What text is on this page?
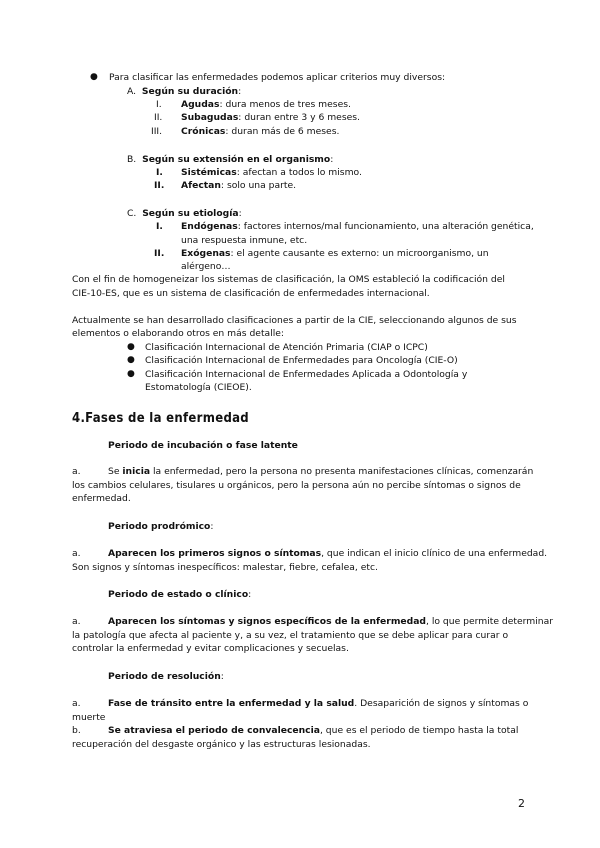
● Para clasificar las enfermedades podemos aplicar criterios muy diversos:
A. Según su duración:
I. Agudas: dura menos de tres meses.
II. Subagudas: duran entre 3 y 6 meses.
III. Crónicas: duran más de 6 meses.
B. Según su extensión en el organismo:
I. Sistémicas: afectan a todos lo mismo.
II. Afectan: solo una parte.
C. Según su etiología:
I. Endógenas: factores internos/mal funcionamiento, una alteración genética,
una respuesta inmune, etc.
II. Exógenas: el agente causante es externo: un microorganismo, un
alérgeno…
Con el fin de homogeneizar los sistemas de clasificación, la OMS estableció la codificación del
CIE-10-ES, que es un sistema de clasificación de enfermedades internacional.
Actualmente se han desarrollado clasificaciones a partir de la CIE, seleccionando algunos de sus
elementos o elaborando otros en más detalle:
● Clasificación Internacional de Atención Primaria (CIAP o ICPC)
● Clasificación Internacional de Enfermedades para Oncología (CIE-O)
● Clasificación Internacional de Enfermedades Aplicada a Odontología y
Estomatología (CIEOE).
4.Fases de la enfermedad
Periodo de incubación o fase latente
a.	Se inicia la enfermedad, pero la persona no presenta manifestaciones clínicas, comenzarán
los cambios celulares, tisulares u orgánicos, pero la persona aún no percibe síntomas o signos de
enfermedad.
Periodo prodrómico:
a.	Aparecen los primeros signos o síntomas, que indican el inicio clínico de una enfermedad.
Son signos y síntomas inespecíficos: malestar, fiebre, cefalea, etc.
Periodo de estado o clínico:
a.	Aparecen los síntomas y signos específicos de la enfermedad, lo que permite determinar
la patología que afecta al paciente y, a su vez, el tratamiento que se debe aplicar para curar o
controlar la enfermedad y evitar complicaciones y secuelas.
Periodo de resolución:
a.	Fase de tránsito entre la enfermedad y la salud. Desaparición de signos y síntomas o
muerte
b.	Se atraviesa el periodo de convalecencia, que es el periodo de tiempo hasta la total
recuperación del desgaste orgánico y las estructuras lesionadas.
2
